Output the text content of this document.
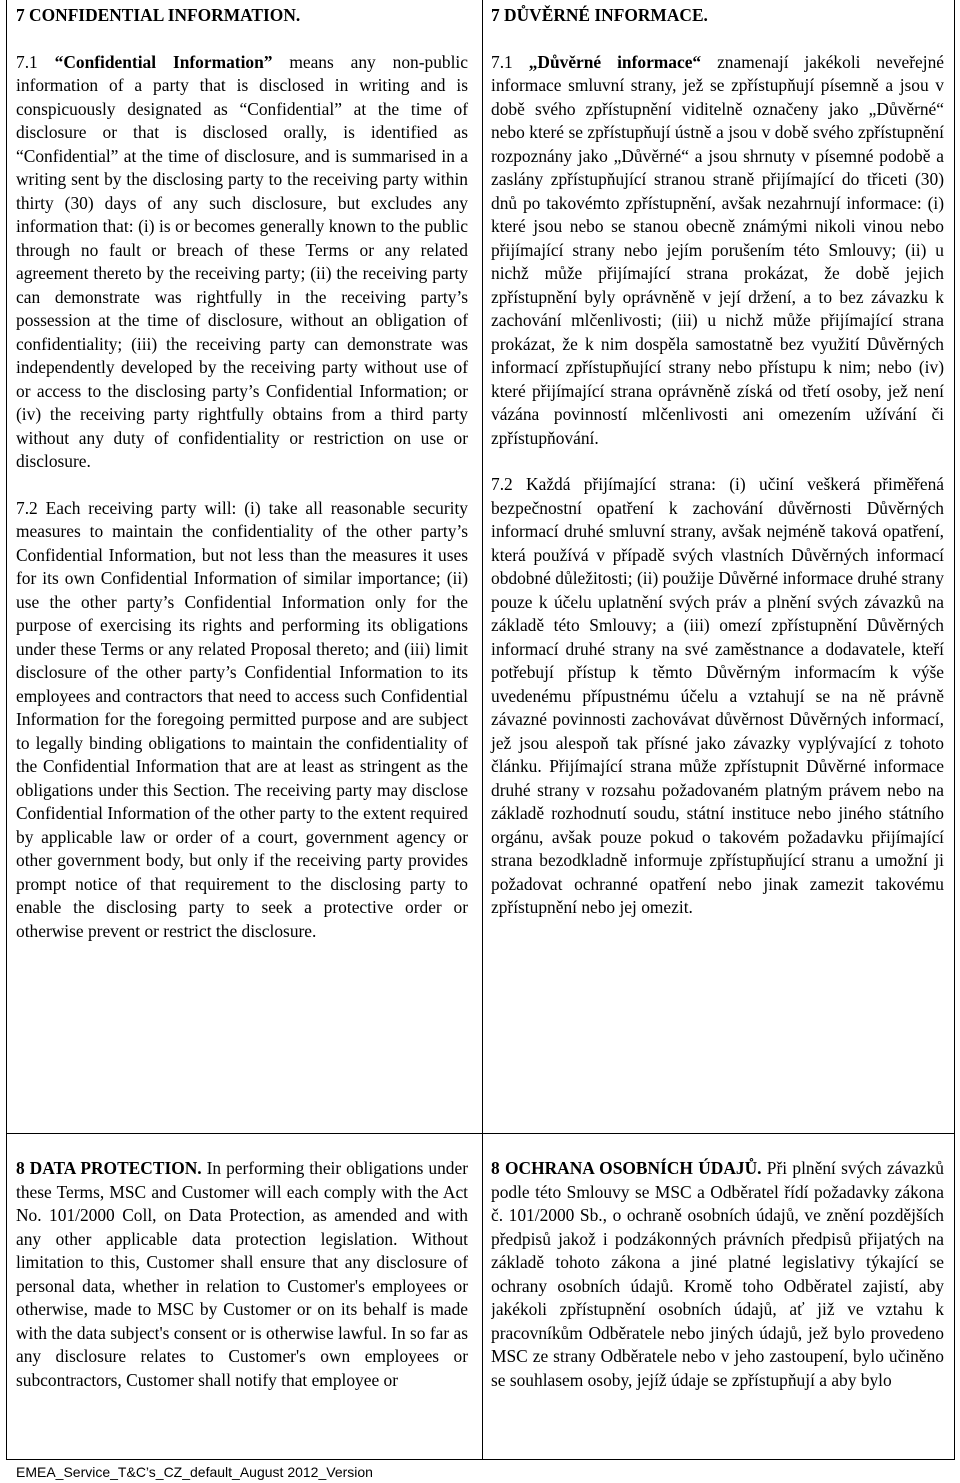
7 CONFIDENTIAL INFORMATION.

7.1 “Confidential Information” means any non-public information of a party that is disclosed in writing and is conspicuously designated as “Confidential” at the time of disclosure or that is disclosed orally, is identified as “Confidential” at the time of disclosure, and is summarised in a writing sent by the disclosing party to the receiving party within thirty (30) days of any such disclosure, but excludes any information that: (i) is or becomes generally known to the public through no fault or breach of these Terms or any related agreement thereto by the receiving party; (ii) the receiving party can demonstrate was rightfully in the receiving party’s possession at the time of disclosure, without an obligation of confidentiality; (iii) the receiving party can demonstrate was independently developed by the receiving party without use of or access to the disclosing party’s Confidential Information; or (iv) the receiving party rightfully obtains from a third party without any duty of confidentiality or restriction on use or disclosure.

7.2 Each receiving party will: (i) take all reasonable security measures to maintain the confidentiality of the other party’s Confidential Information, but not less than the measures it uses for its own Confidential Information of similar importance; (ii) use the other party’s Confidential Information only for the purpose of exercising its rights and performing its obligations under these Terms or any related Proposal thereto; and (iii) limit disclosure of the other party’s Confidential Information to its employees and contractors that need to access such Confidential Information for the foregoing permitted purpose and are subject to legally binding obligations to maintain the confidentiality of the Confidential Information that are at least as stringent as the obligations under this Section. The receiving party may disclose Confidential Information of the other party to the extent required by applicable law or order of a court, government agency or other government body, but only if the receiving party provides prompt notice of that requirement to the disclosing party to enable the disclosing party to seek a protective order or otherwise prevent or restrict the disclosure.

7 DŮVĚRNÉ INFORMACE.

7.1 „Důvěrné informace“ znamenají jakékoli neveřejné informace smluvní strany, jež se zpřístupňují písemně a jsou v době svého zpřístupnění viditelně označeny jako „Důvěrné“ nebo které se zpřístupňují ústně a jsou v době svého zpřístupnění rozpoznány jako „Důvěrné“ a jsou shrnuty v písemné podobě a zaslány zpřístupňující stranou straně přijímající do třiceti (30) dnů po takovémto zpřístupnění, avšak nezahrnují informace: (i) které jsou nebo se stanou obecně známými nikoli vinou nebo přijímající strany nebo jejím porušením této Smlouvy; (ii) u nichž může přijímající strana prokázat, že době jejich zpřístupnění byly oprávněně v její držení, a to bez závazku k zachování mlčenlivosti; (iii) u nichž může přijímající strana prokázat, že k nim dospěla samostatně bez využití Důvěrných informací zpřístupňující strany nebo přístupu k nim; nebo (iv) které přijímající strana oprávněně získá od třetí osoby, jež není vázána povinností mlčenlivosti ani omezením užívání či zpřístupňování.

7.2 Každá přijímající strana: (i) učiní veškerá přiměřená bezpečnostní opatření k zachování důvěrnosti Důvěrných informací druhé smluvní strany, avšak nejméně taková opatření, která používá v případě svých vlastních Důvěrných informací obdobné důležitosti; (ii) použije Důvěrné informace druhé strany pouze k účelu uplatnění svých práv a plnění svých závazků na základě této Smlouvy; a (iii) omezí zpřístupnění Důvěrných informací druhé strany na své zaměstnance a dodavatele, kteří potřebují přístup k těmto Důvěrným informacím k výše uvedenému přípustnému účelu a vztahují se na ně právně závazné povinnosti zachovávat důvěrnost Důvěrných informací, jež jsou alespoň tak přísné jako závazky vyplývající z tohoto článku. Přijímající strana může zpřístupnit Důvěrné informace druhé strany v rozsahu požadovaném platným právem nebo na základě rozhodnutí soudu, státní instituce nebo jiného státního orgánu, avšak pouze pokud o takovém požadavku přijímající strana bezodkladně informuje zpřístupňující stranu a umožní ji požadovat ochranné opatření nebo jinak zamezit takovému zpřístupnění nebo jej omezit.

8 DATA PROTECTION. In performing their obligations under these Terms, MSC and Customer will each comply with the Act No. 101/2000 Coll, on Data Protection, as amended and with any other applicable data protection legislation. Without limitation to this, Customer shall ensure that any disclosure of personal data, whether in relation to Customer's employees or otherwise, made to MSC by Customer or on its behalf is made with the data subject's consent or is otherwise lawful. In so far as any disclosure relates to Customer's own employees or subcontractors, Customer shall notify that employee or

8 OCHRANA OSOBNÍCH ÚDAJŮ. Při plnění svých závazků podle této Smlouvy se MSC a Odběratel řídí požadavky zákona č. 101/2000 Sb., o ochraně osobních údajů, ve znění pozdějších předpisů jakož i podzákonných právních předpisů přijatých na základě tohoto zákona a jiné platné legislativy týkající se ochrany osobních údajů. Kromě toho Odběratel zajistí, aby jakékoli zpřístupnění osobních údajů, ať již ve vztahu k pracovníkům Odběratele nebo jiných údajů, jež bylo provedeno MSC ze strany Odběratele nebo v jeho zastoupení, bylo učiněno se souhlasem osoby, jejíž údaje se zpřístupňují a aby bylo

EMEA_Service_T&C’s_CZ_default_August 2012_Version
